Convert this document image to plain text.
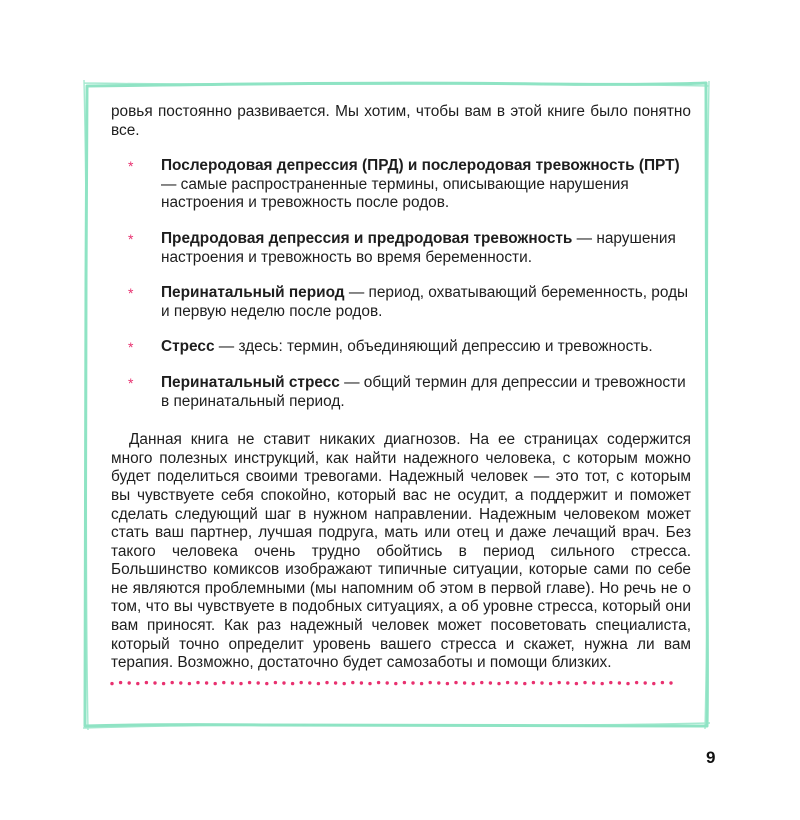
ровья постоянно развивается. Мы хотим, чтобы вам в этой книге было понятно все.

* Послеродовая депрессия (ПРД) и послеродовая тревожность (ПРТ) — самые распространенные термины, описывающие нарушения настроения и тревожность после родов.
* Предродовая депрессия и предродовая тревожность — нарушения настроения и тревожность во время беременности.
* Перинатальный период — период, охватывающий беременность, роды и первую неделю после родов.
* Стресс — здесь: термин, объединяющий депрессию и тревожность.
* Перинатальный стресс — общий термин для депрессии и тревожности в перинатальный период.

Данная книга не ставит никаких диагнозов. На ее страницах содержится много полезных инструкций, как найти надежного человека, с которым можно будет поделиться своими тревогами. Надежный человек — это тот, с которым вы чувствуете себя спокойно, который вас не осудит, а поддержит и поможет сделать следующий шаг в нужном направлении. Надежным человеком может стать ваш партнер, лучшая подруга, мать или отец и даже лечащий врач. Без такого человека очень трудно обойтись в период сильного стресса. Большинство комиксов изображают типичные ситуации, которые сами по себе не являются проблемными (мы напомним об этом в первой главе). Но речь не о том, что вы чувствуете в подобных ситуациях, а об уровне стресса, который они вам приносят. Как раз надежный человек может посоветовать специалиста, который точно определит уровень вашего стресса и скажет, нужна ли вам терапия. Возможно, достаточно будет самозаботы и помощи близких.

9
